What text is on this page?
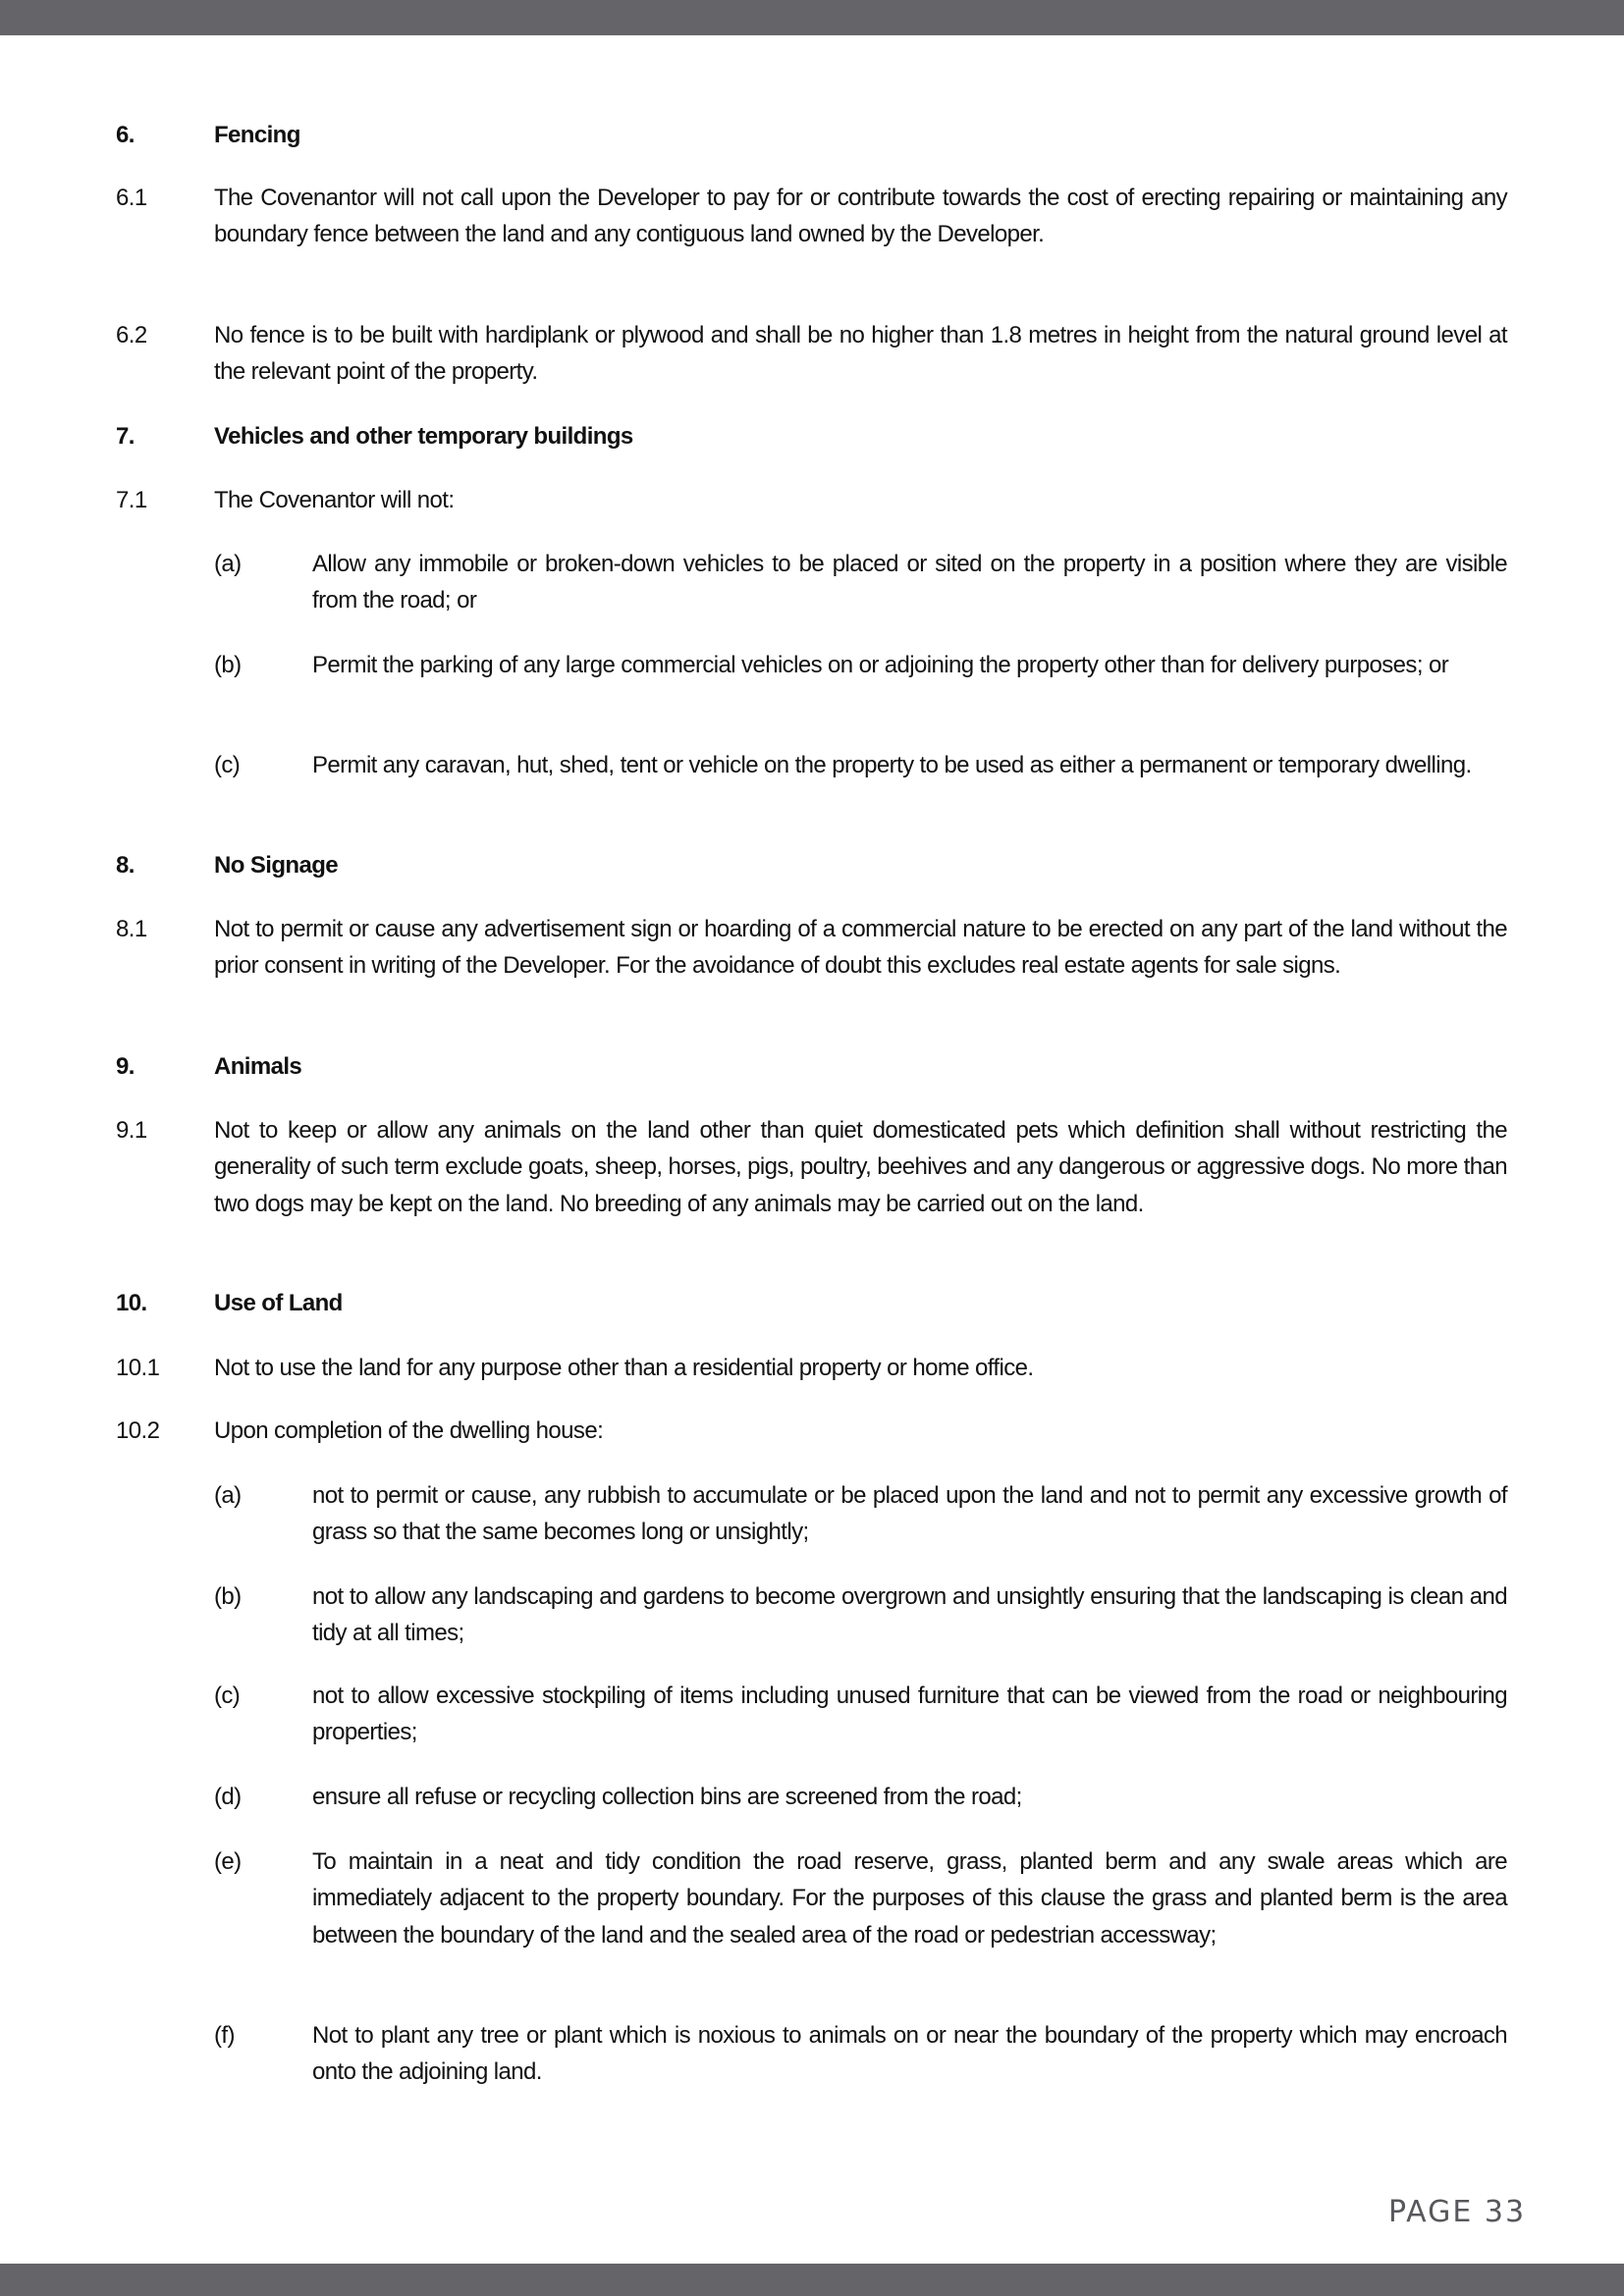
6.	Fencing
6.1	The Covenantor will not call upon the Developer to pay for or contribute towards the cost of erecting repairing or maintaining any boundary fence between the land and any contiguous land owned by the Developer.
6.2	No fence is to be built with hardiplank or plywood and shall be no higher than 1.8 metres in height from the natural ground level at the relevant point of the property.
7.	Vehicles and other temporary buildings
7.1	The Covenantor will not:
(a)	Allow any immobile or broken-down vehicles to be placed or sited on the property in a position where they are visible from the road; or
(b)	Permit the parking of any large commercial vehicles on or adjoining the property other than for delivery purposes; or
(c)	Permit any caravan, hut, shed, tent or vehicle on the property to be used as either a permanent or temporary dwelling.
8.	No Signage
8.1	Not to permit or cause any advertisement sign or hoarding of a commercial nature to be erected on any part of the land without the prior consent in writing of the Developer. For the avoidance of doubt this excludes real estate agents for sale signs.
9.	Animals
9.1	Not to keep or allow any animals on the land other than quiet domesticated pets which definition shall without restricting the generality of such term exclude goats, sheep, horses, pigs, poultry, beehives and any dangerous or aggressive dogs. No more than two dogs may be kept on the land. No breeding of any animals may be carried out on the land.
10.	Use of Land
10.1 Not to use the land for any purpose other than a residential property or home office.
10.2 Upon completion of the dwelling house:
(a)	not to permit or cause, any rubbish to accumulate or be placed upon the land and not to permit any excessive growth of grass so that the same becomes long or unsightly;
(b)	not to allow any landscaping and gardens to become overgrown and unsightly ensuring that the landscaping is clean and tidy at all times;
(c)	not to allow excessive stockpiling of items including unused furniture that can be viewed from the road or neighbouring properties;
(d)	ensure all refuse or recycling collection bins are screened from the road;
(e)	To maintain in a neat and tidy condition the road reserve, grass, planted berm and any swale areas which are immediately adjacent to the property boundary. For the purposes of this clause the grass and planted berm is the area between the boundary of the land and the sealed area of the road or pedestrian accessway;
(f)	Not to plant any tree or plant which is noxious to animals on or near the boundary of the property which may encroach onto the adjoining land.
PAGE 33
